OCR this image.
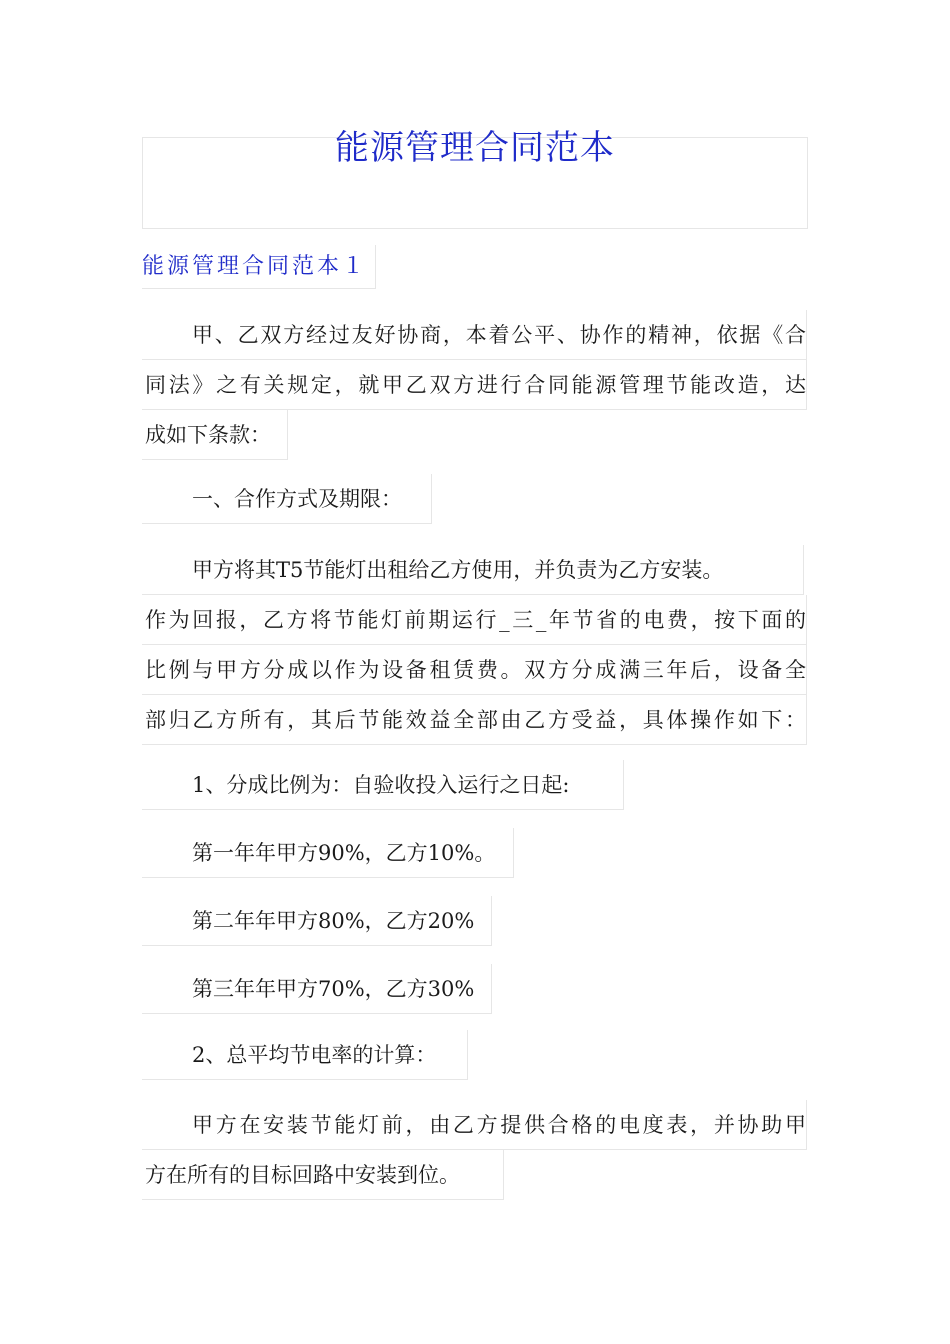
能源管理合同范本
能源管理合同范本１
甲、乙双方经过友好协商，本着公平、协作的精神，依据《合
同法》之有关规定，就甲乙双方进行合同能源管理节能改造，达
成如下条款：
一、合作方式及期限：
甲方将其T5节能灯出租给乙方使用，并负责为乙方安装。
作为回报，乙方将节能灯前期运行_三_年节省的电费，按下面的
比例与甲方分成以作为设备租赁费。双方分成满三年后，设备全
部归乙方所有，其后节能效益全部由乙方受益，具体操作如下：
1、分成比例为：自验收投入运行之日起:
第一年年甲方90%，乙方10%。
第二年年甲方80%，乙方20%
第三年年甲方70%，乙方30%
2、总平均节电率的计算：
甲方在安装节能灯前，由乙方提供合格的电度表，并协助甲
方在所有的目标回路中安装到位。
